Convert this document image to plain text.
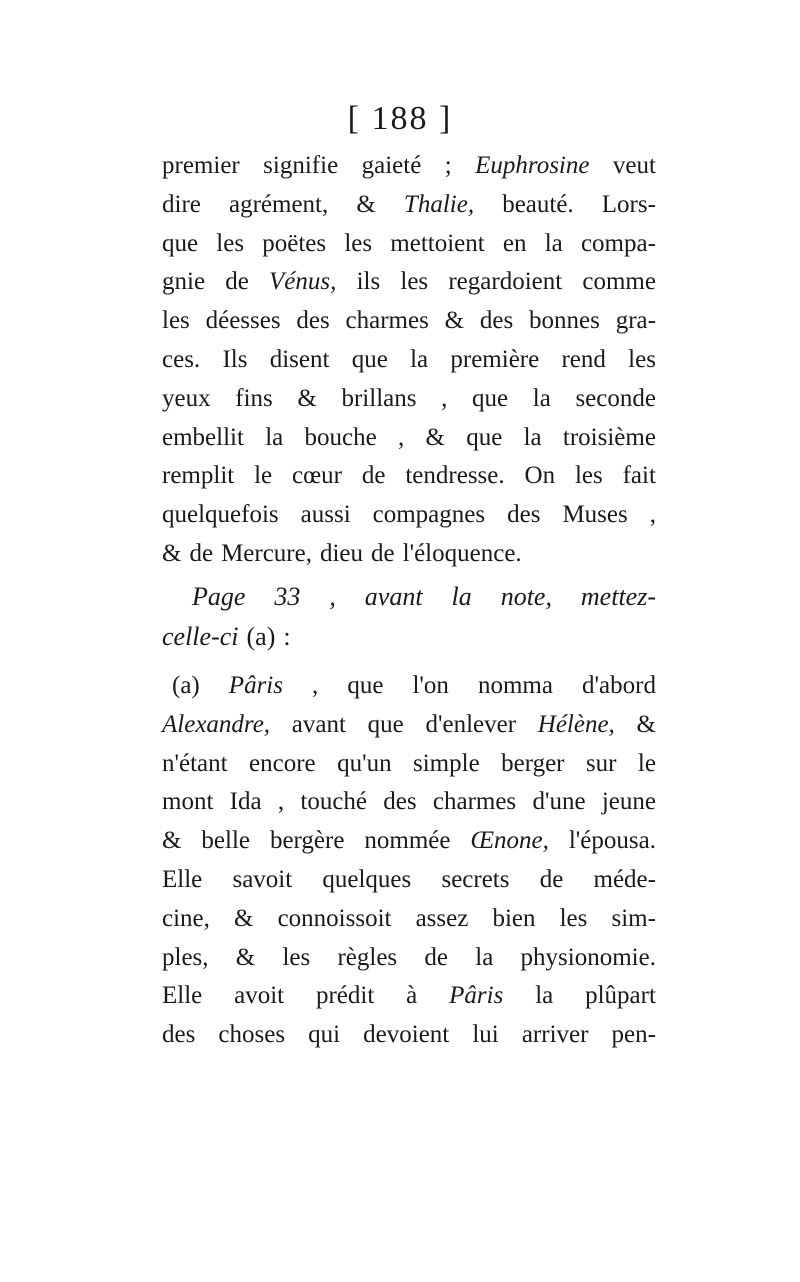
[ 188 ]
premier signifie gaieté ; Euphrosine veut
dire agrément, & Thalie, beauté. Lors-
que les poëtes les mettoient en la compa-
gnie de Vénus, ils les regardoient comme
les déesses des charmes & des bonnes gra-
ces. Ils disent que la première rend les
yeux fins & brillans , que la seconde
embellit la bouche , & que la troisième
remplit le cœur de tendresse. On les fait
quelquefois aussi compagnes des Muses ,
& de Mercure, dieu de l'éloquence.
Page 33 , avant la note, mettez-
celle-ci (a) :
(a) Pâris , que l'on nomma d'abord
Alexandre, avant que d'enlever Hélène, &
n'étant encore qu'un simple berger sur le
mont Ida , touché des charmes d'une jeune
& belle bergère nommée Œnone, l'épousa.
Elle savoit quelques secrets de méde-
cine, & connoissoit assez bien les sim-
ples, & les règles de la physionomie.
Elle avoit prédit à Pâris la plûpart
des choses qui devoient lui arriver pen-
